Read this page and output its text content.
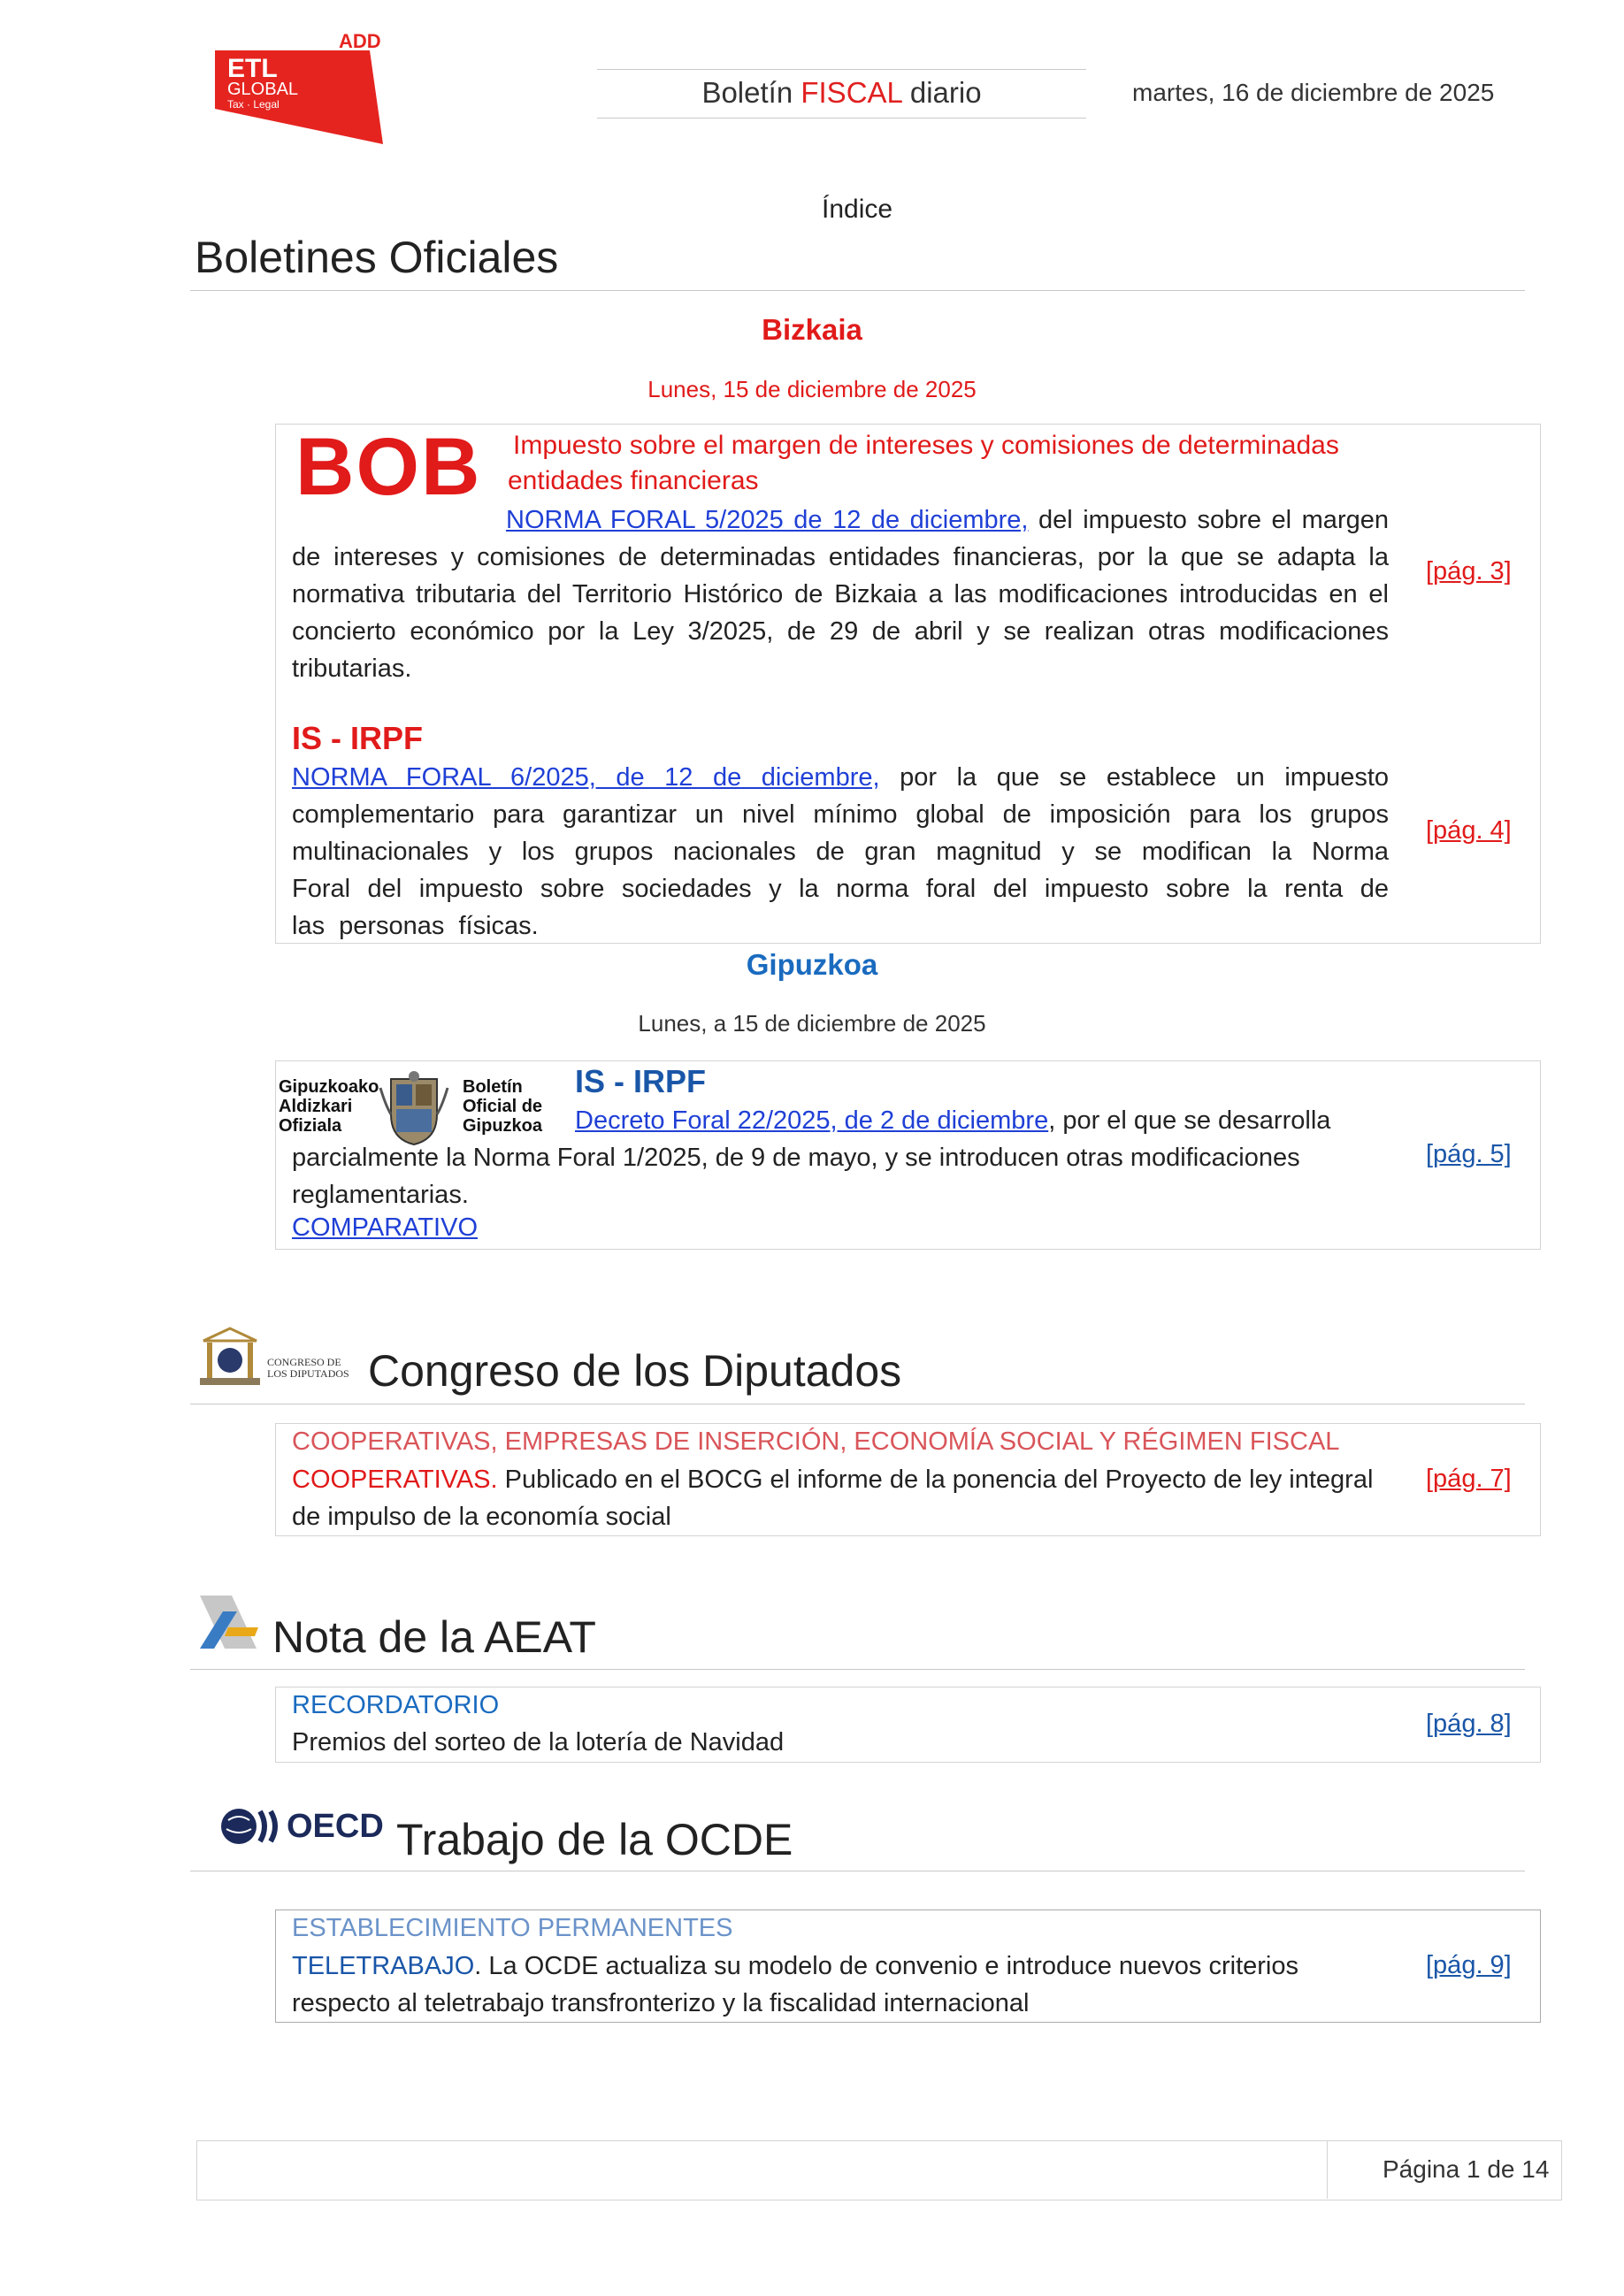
ADD
ETL
GLOBAL
Tax · Legal	Boletín FISCAL diario	martes, 16 de diciembre de 2025
Índice
Boletines Oficiales
Bizkaia
Lunes, 15 de diciembre de 2025
BOB Impuesto sobre el margen de intereses y comisiones de determinadas entidades financieras
NORMA FORAL 5/2025 de 12 de diciembre, del impuesto sobre el margen de intereses y comisiones de determinadas entidades financieras, por la que se adapta la normativa tributaria del Territorio Histórico de Bizkaia a las modificaciones introducidas en el concierto económico por la Ley 3/2025, de 29 de abril y se realizan otras modificaciones tributarias.
[pág. 3]
IS - IRPF
NORMA FORAL 6/2025, de 12 de diciembre, por la que se establece un impuesto complementario para garantizar un nivel mínimo global de imposición para los grupos multinacionales y los grupos nacionales de gran magnitud y se modifican la Norma Foral del impuesto sobre sociedades y la norma foral del impuesto sobre la renta de las personas físicas.
[pág. 4]
Gipuzkoa
Lunes, a 15 de diciembre de 2025
Gipuzkoako
Aldizkari
Ofiziala
Boletín
Oficial de
Gipuzkoa
IS - IRPF
Decreto Foral 22/2025, de 2 de diciembre, por el que se desarrolla parcialmente la Norma Foral 1/2025, de 9 de mayo, y se introducen otras modificaciones reglamentarias.
COMPARATIVO
[pág. 5]
CONGRESO DE
LOS DIPUTADOS Congreso de los Diputados
COOPERATIVAS, EMPRESAS DE INSERCIÓN, ECONOMÍA SOCIAL Y RÉGIMEN FISCAL
COOPERATIVAS. Publicado en el BOCG el informe de la ponencia del Proyecto de ley integral de impulso de la economía social
[pág. 7]
Nota de la AEAT
RECORDATORIO
Premios del sorteo de la lotería de Navidad
[pág. 8]
OECD Trabajo de la OCDE
ESTABLECIMIENTO PERMANENTES
TELETRABAJO. La OCDE actualiza su modelo de convenio e introduce nuevos criterios respecto al teletrabajo transfronterizo y la fiscalidad internacional
[pág. 9]
Página 1 de 14
